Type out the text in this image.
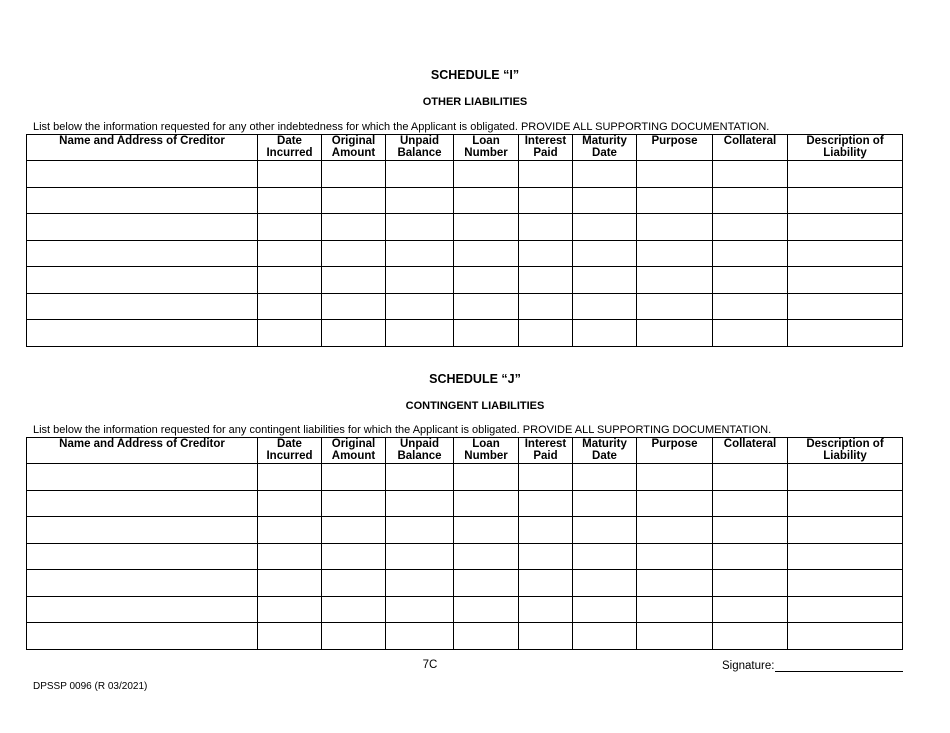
SCHEDULE “I”
OTHER LIABILITIES
List below the information requested for any other indebtedness for which the Applicant is obligated. PROVIDE ALL SUPPORTING DOCUMENTATION.
Name and Address of Creditor	Date Incurred	Original Amount	Unpaid Balance	Loan Number	Interest Paid	Maturity Date	Purpose	Collateral	Description of Liability

SCHEDULE “J”
CONTINGENT LIABILITIES
List below the information requested for any contingent liabilities for which the Applicant is obligated. PROVIDE ALL SUPPORTING DOCUMENTATION.
Name and Address of Creditor	Date Incurred	Original Amount	Unpaid Balance	Loan Number	Interest Paid	Maturity Date	Purpose	Collateral	Description of Liability

7C	Signature:
DPSSP 0096 (R 03/2021)
